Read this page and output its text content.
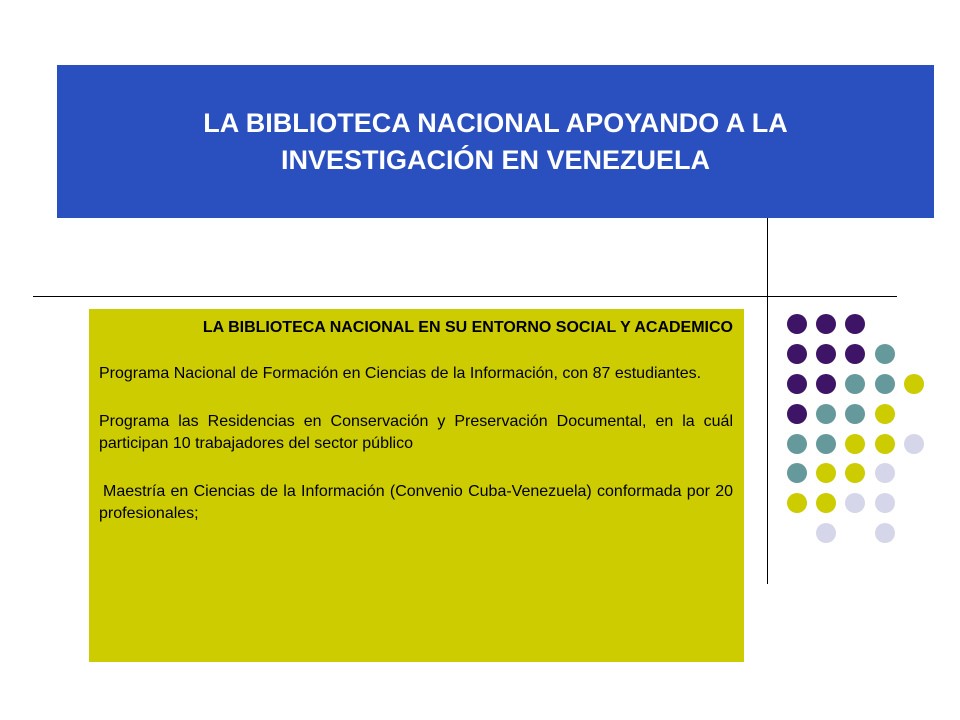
LA BIBLIOTECA NACIONAL APOYANDO A LA INVESTIGACIÓN EN VENEZUELA

LA BIBLIOTECA NACIONAL EN SU ENTORNO SOCIAL Y ACADEMICO

Programa Nacional de Formación en Ciencias de la Información, con 87 estudiantes.

Programa las Residencias en Conservación y Preservación Documental, en la cuál participan 10 trabajadores del sector público

Maestría en Ciencias de la Información (Convenio Cuba-Venezuela) conformada por 20 profesionales;
